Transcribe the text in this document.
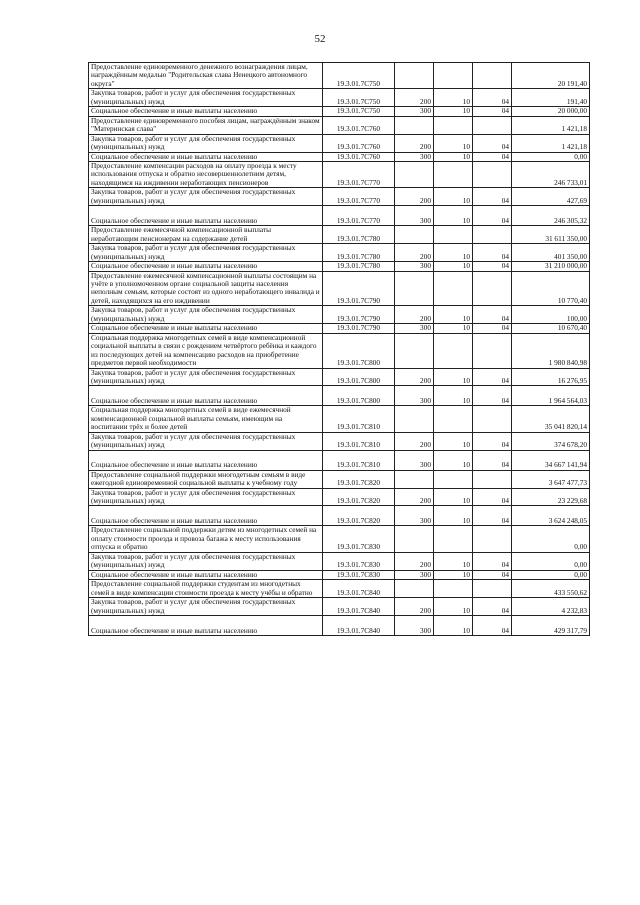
52
Предоставление единовременного денежного вознаграждения лицам, награждённым медалью "Родительская слава Ненецкого автономного округа"	19.3.01.7С750				20 191,40
Закупка товаров, работ и услуг для обеспечения государственных (муниципальных) нужд	19.3.01.7С750	200	10	04	191,40
Социальное обеспечение и иные выплаты населению	19.3.01.7С750	300	10	04	20 000,00
Предоставление единовременного пособия лицам, награждённым знаком "Материнская слава"	19.3.01.7С760				1 421,18
Закупка товаров, работ и услуг для обеспечения государственных (муниципальных) нужд	19.3.01.7С760	200	10	04	1 421,18
Социальное обеспечение и иные выплаты населению	19.3.01.7С760	300	10	04	0,00
Предоставление компенсации расходов на оплату проезда к месту использования отпуска и обратно несовершеннолетним детям, находящимся на иждивении неработающих пенсионеров	19.3.01.7С770				246 733,01
Закупка товаров, работ и услуг для обеспечения государственных (муниципальных) нужд	19.3.01.7С770	200	10	04	427,69
Социальное обеспечение и иные выплаты населению	19.3.01.7С770	300	10	04	246 305,32
Предоставление ежемесячной компенсационной выплаты неработающим пенсионерам на содержание детей	19.3.01.7С780				31 611 350,00
Закупка товаров, работ и услуг для обеспечения государственных (муниципальных) нужд	19.3.01.7С780	200	10	04	401 350,00
Социальное обеспечение и иные выплаты населению	19.3.01.7С780	300	10	04	31 210 000,00
Предоставление ежемесячной компенсационной выплаты состоящим на учёте в уполномоченном органе социальной защиты населения неполным семьям, которые состоят из одного неработающего инвалида и детей, находящихся на его иждивении	19.3.01.7С790				10 770,40
Закупка товаров, работ и услуг для обеспечения государственных (муниципальных) нужд	19.3.01.7С790	200	10	04	100,00
Социальное обеспечение и иные выплаты населению	19.3.01.7С790	300	10	04	10 670,40
Социальная поддержка многодетных семей в виде компенсационной социальной выплаты в связи с рождением четвёртого ребёнка и каждого из последующих детей на компенсацию расходов на приобретение предметов первой необходимости	19.3.01.7С800				1 980 840,98
Закупка товаров, работ и услуг для обеспечения государственных (муниципальных) нужд	19.3.01.7С800	200	10	04	16 276,95
Социальное обеспечение и иные выплаты населению	19.3.01.7С800	300	10	04	1 964 564,03
Социальная поддержка многодетных семей в виде ежемесячной компенсационной социальной выплаты семьям, имеющим на воспитании трёх и более детей	19.3.01.7С810				35 041 820,14
Закупка товаров, работ и услуг для обеспечения государственных (муниципальных) нужд	19.3.01.7С810	200	10	04	374 678,20
Социальное обеспечение и иные выплаты населению	19.3.01.7С810	300	10	04	34 667 141,94
Предоставление социальной поддержки многодетным семьям в виде ежегодной единовременной социальной выплаты к учебному году	19.3.01.7С820				3 647 477,73
Закупка товаров, работ и услуг для обеспечения государственных (муниципальных) нужд	19.3.01.7С820	200	10	04	23 229,68
Социальное обеспечение и иные выплаты населению	19.3.01.7С820	300	10	04	3 624 248,05
Предоставление социальной поддержки детям из многодетных семей на оплату стоимости проезда и провоза багажа к месту использования отпуска и обратно	19.3.01.7С830				0,00
Закупка товаров, работ и услуг для обеспечения государственных (муниципальных) нужд	19.3.01.7С830	200	10	04	0,00
Социальное обеспечение и иные выплаты населению	19.3.01.7С830	300	10	04	0,00
Предоставление социальной поддержки студентам из многодетных семей в виде компенсации стоимости проезда к месту учёбы и обратно	19.3.01.7С840				433 550,62
Закупка товаров, работ и услуг для обеспечения государственных (муниципальных) нужд	19.3.01.7С840	200	10	04	4 232,83
Социальное обеспечение и иные выплаты населению	19.3.01.7С840	300	10	04	429 317,79
